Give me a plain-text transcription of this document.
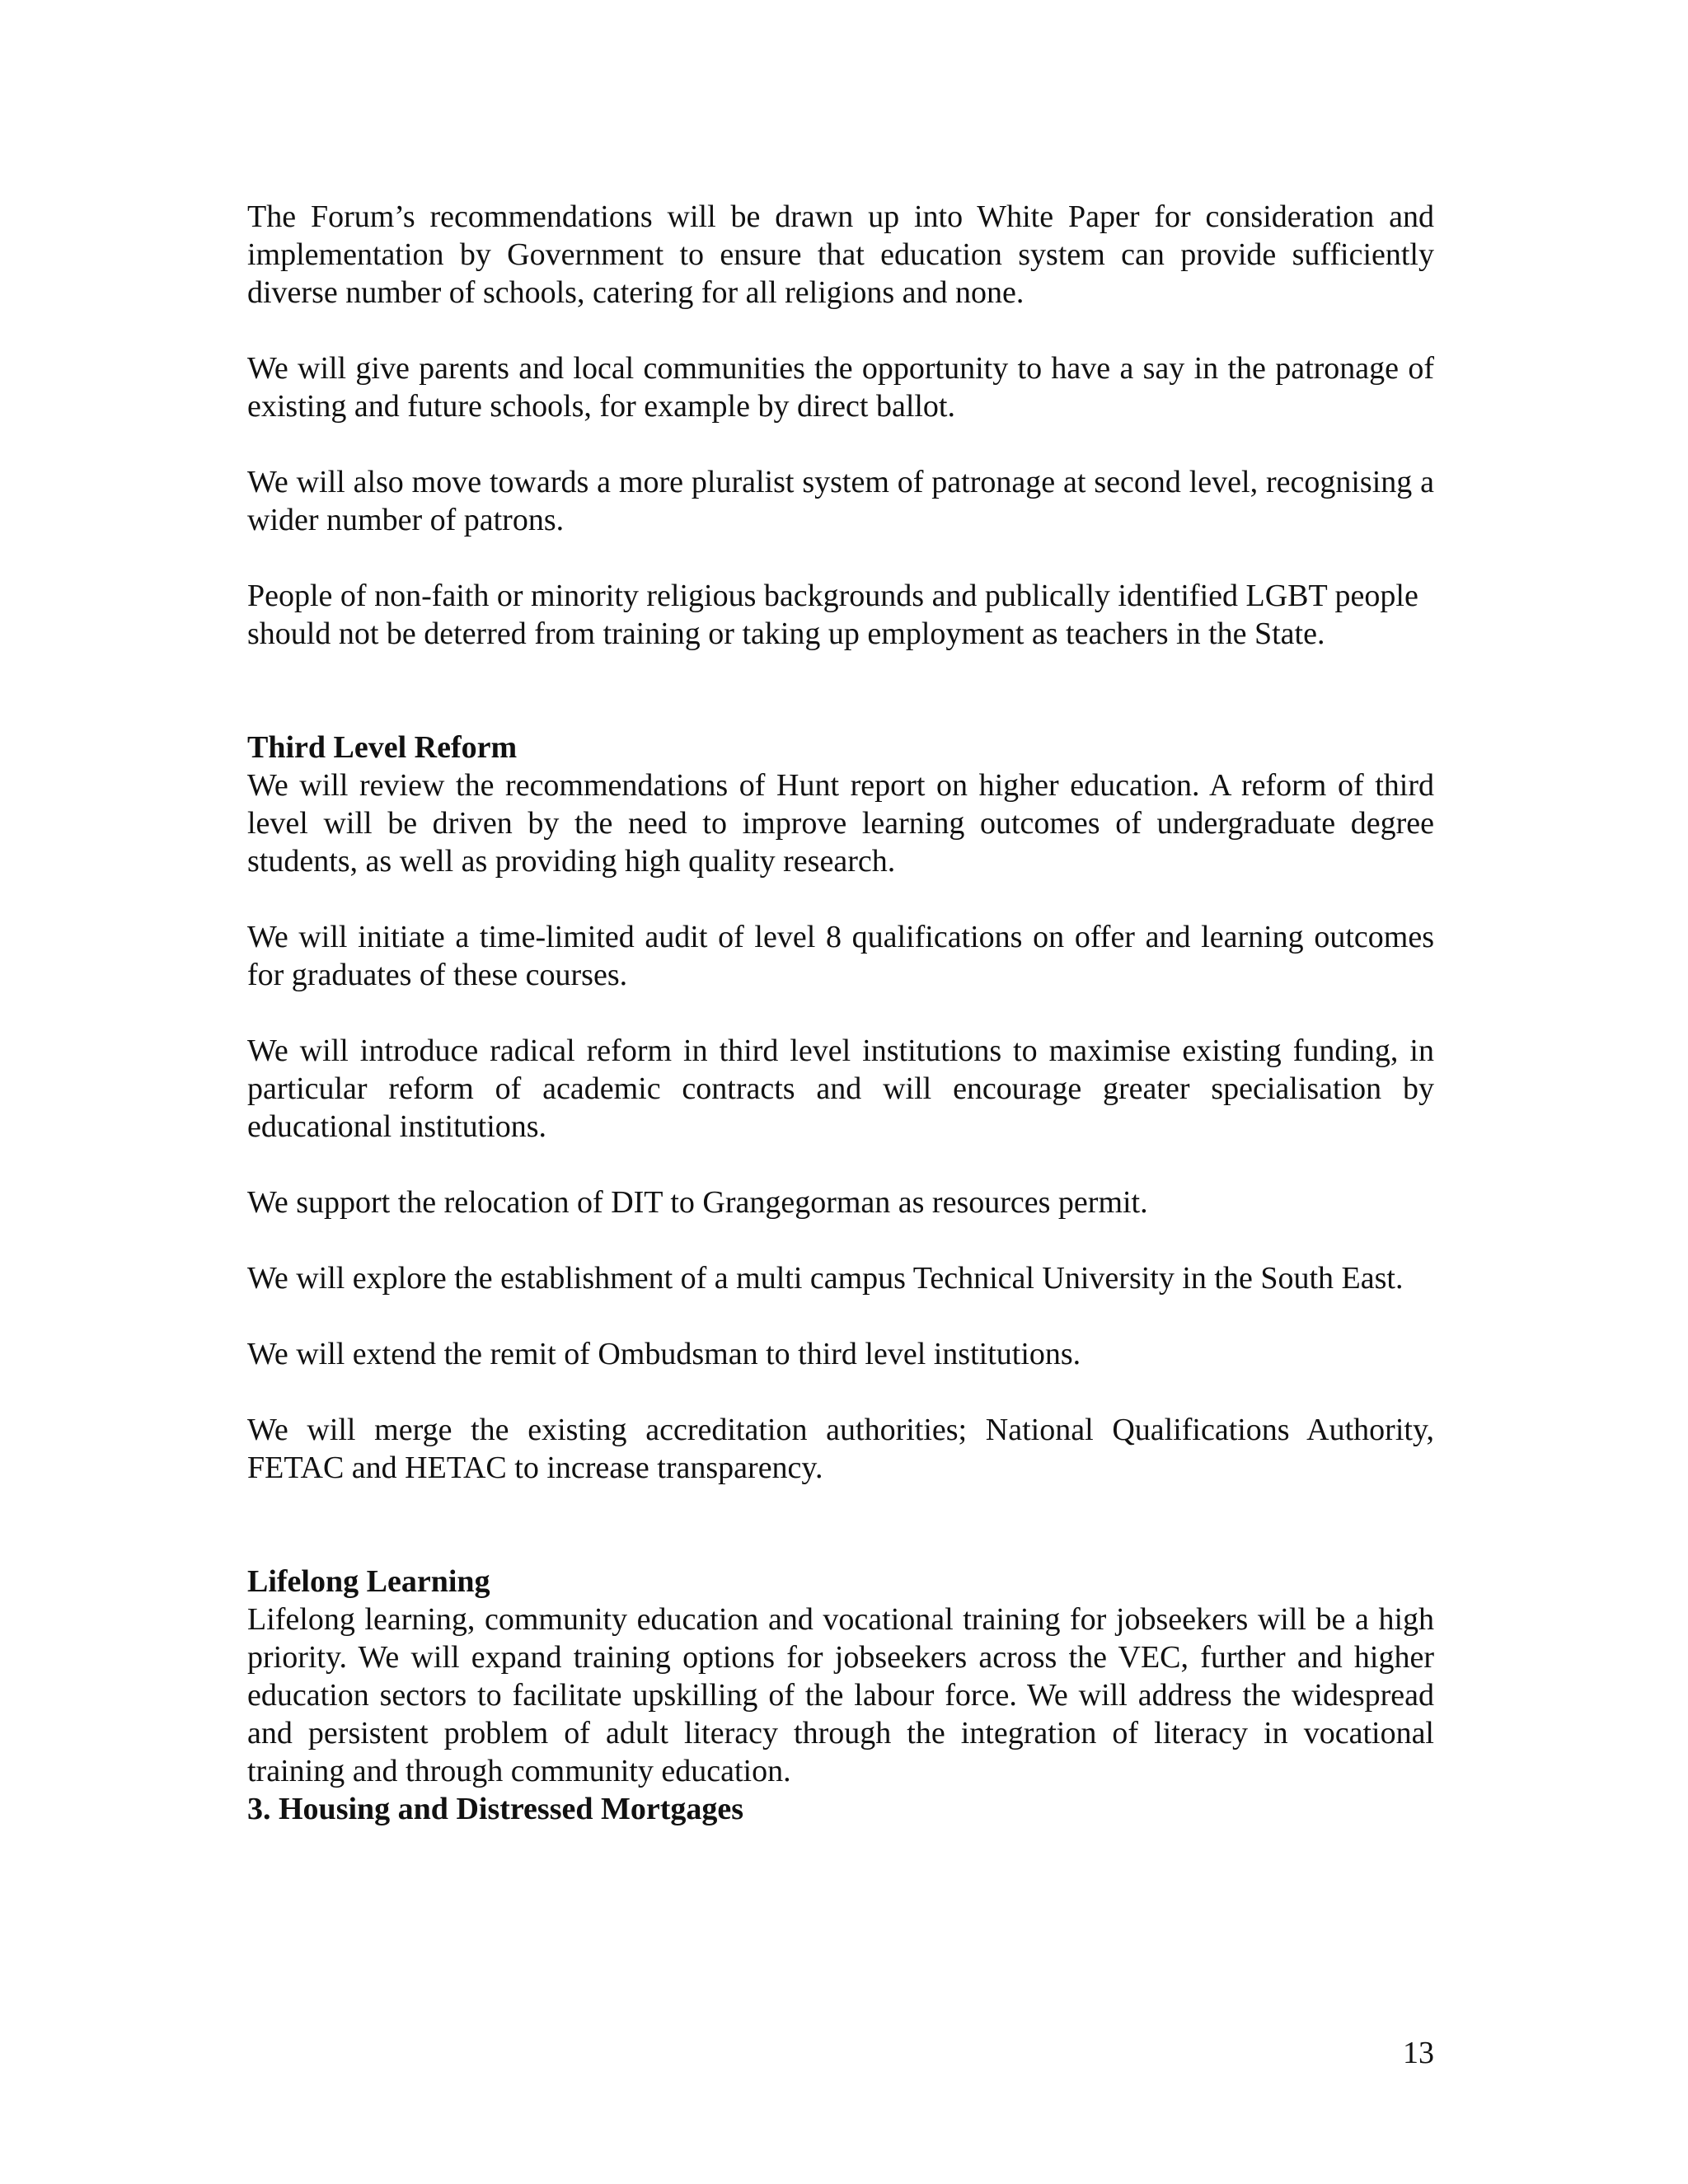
The Forum’s recommendations will be drawn up into White Paper for consideration and implementation by Government to ensure that education system can provide sufficiently diverse number of schools, catering for all religions and none.

We will give parents and local communities the opportunity to have a say in the patronage of existing and future schools, for example by direct ballot.

We will also move towards a more pluralist system of patronage at second level, recognising a wider number of patrons.

People of non-faith or minority religious backgrounds and publically identified LGBT people should not be deterred from training or taking up employment as teachers in the State.

Third Level Reform

We will review the recommendations of Hunt report on higher education. A reform of third level will be driven by the need to improve learning outcomes of undergraduate degree students, as well as providing high quality research.

We will initiate a time-limited audit of level 8 qualifications on offer and learning outcomes for graduates of these courses.

We will introduce radical reform in third level institutions to maximise existing funding, in particular reform of academic contracts and will encourage greater specialisation by educational institutions.

We support the relocation of DIT to Grangegorman as resources permit.

We will explore the establishment of a multi campus Technical University in the South East.

We will extend the remit of Ombudsman to third level institutions.

We will merge the existing accreditation authorities; National Qualifications Authority, FETAC and HETAC to increase transparency.

Lifelong Learning

Lifelong learning, community education and vocational training for jobseekers will be a high priority. We will expand training options for jobseekers across the VEC, further and higher education sectors to facilitate upskilling of the labour force. We will address the widespread and persistent problem of adult literacy through the integration of literacy in vocational training and through community education.

3. Housing and Distressed Mortgages
13
